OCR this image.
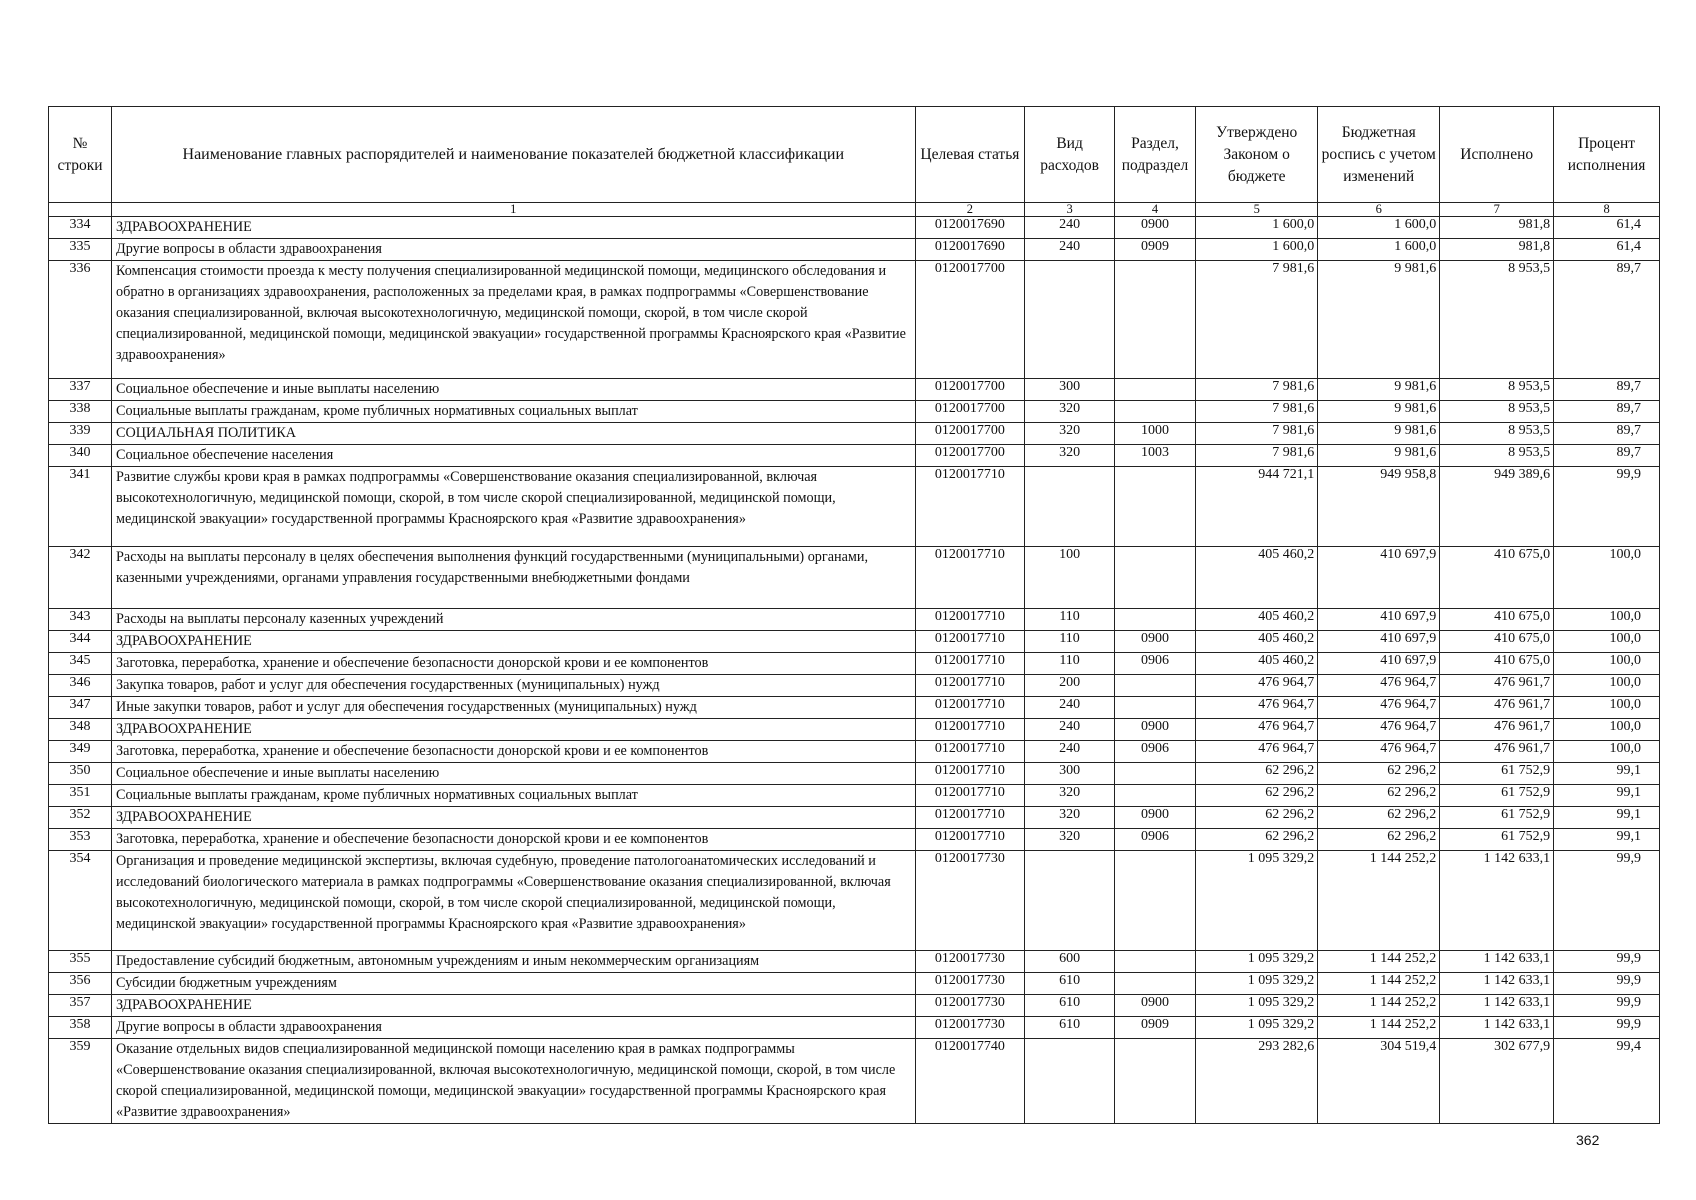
№ строки	Наименование главных распорядителей и наименование показателей бюджетной классификации	Целевая статья	Вид расходов	Раздел, подраздел	Утверждено Законом о бюджете	Бюджетная роспись с учетом изменений	Исполнено	Процент исполнения
	1	2	3	4	5	6	7	8
334	ЗДРАВООХРАНЕНИЕ	0120017690	240	0900	1 600,0	1 600,0	981,8	61,4
335	Другие вопросы в области здравоохранения	0120017690	240	0909	1 600,0	1 600,0	981,8	61,4
336	Компенсация стоимости проезда к месту получения специализированной медицинской помощи, медицинского обследования и обратно в организациях здравоохранения, расположенных за пределами края, в рамках подпрограммы «Совершенствование оказания специализированной, включая высокотехнологичную, медицинской помощи, скорой, в том числе скорой специализированной, медицинской помощи, медицинской эвакуации» государственной программы Красноярского края «Развитие здравоохранения»	0120017700			7 981,6	9 981,6	8 953,5	89,7
337	Социальное обеспечение и иные выплаты населению	0120017700	300		7 981,6	9 981,6	8 953,5	89,7
338	Социальные выплаты гражданам, кроме публичных нормативных социальных выплат	0120017700	320		7 981,6	9 981,6	8 953,5	89,7
339	СОЦИАЛЬНАЯ ПОЛИТИКА	0120017700	320	1000	7 981,6	9 981,6	8 953,5	89,7
340	Социальное обеспечение населения	0120017700	320	1003	7 981,6	9 981,6	8 953,5	89,7
341	Развитие службы крови края в рамках подпрограммы «Совершенствование оказания специализированной, включая высокотехнологичную, медицинской помощи, скорой, в том числе скорой специализированной, медицинской помощи, медицинской эвакуации» государственной программы Красноярского края «Развитие здравоохранения»	0120017710			944 721,1	949 958,8	949 389,6	99,9
342	Расходы на выплаты персоналу в целях обеспечения выполнения функций государственными (муниципальными) органами, казенными учреждениями, органами управления государственными внебюджетными фондами	0120017710	100		405 460,2	410 697,9	410 675,0	100,0
343	Расходы на выплаты персоналу казенных учреждений	0120017710	110		405 460,2	410 697,9	410 675,0	100,0
344	ЗДРАВООХРАНЕНИЕ	0120017710	110	0900	405 460,2	410 697,9	410 675,0	100,0
345	Заготовка, переработка, хранение и обеспечение безопасности донорской крови и ее компонентов	0120017710	110	0906	405 460,2	410 697,9	410 675,0	100,0
346	Закупка товаров, работ и услуг для обеспечения государственных (муниципальных) нужд	0120017710	200		476 964,7	476 964,7	476 961,7	100,0
347	Иные закупки товаров, работ и услуг для обеспечения государственных (муниципальных) нужд	0120017710	240		476 964,7	476 964,7	476 961,7	100,0
348	ЗДРАВООХРАНЕНИЕ	0120017710	240	0900	476 964,7	476 964,7	476 961,7	100,0
349	Заготовка, переработка, хранение и обеспечение безопасности донорской крови и ее компонентов	0120017710	240	0906	476 964,7	476 964,7	476 961,7	100,0
350	Социальное обеспечение и иные выплаты населению	0120017710	300		62 296,2	62 296,2	61 752,9	99,1
351	Социальные выплаты гражданам, кроме публичных нормативных социальных выплат	0120017710	320		62 296,2	62 296,2	61 752,9	99,1
352	ЗДРАВООХРАНЕНИЕ	0120017710	320	0900	62 296,2	62 296,2	61 752,9	99,1
353	Заготовка, переработка, хранение и обеспечение безопасности донорской крови и ее компонентов	0120017710	320	0906	62 296,2	62 296,2	61 752,9	99,1
354	Организация и проведение медицинской экспертизы, включая судебную, проведение патологоанатомических исследований и исследований биологического материала в рамках подпрограммы «Совершенствование оказания специализированной, включая высокотехнологичную, медицинской помощи, скорой, в том числе скорой специализированной, медицинской помощи, медицинской эвакуации» государственной программы Красноярского края «Развитие здравоохранения»	0120017730			1 095 329,2	1 144 252,2	1 142 633,1	99,9
355	Предоставление субсидий бюджетным, автономным учреждениям и иным некоммерческим организациям	0120017730	600		1 095 329,2	1 144 252,2	1 142 633,1	99,9
356	Субсидии бюджетным учреждениям	0120017730	610		1 095 329,2	1 144 252,2	1 142 633,1	99,9
357	ЗДРАВООХРАНЕНИЕ	0120017730	610	0900	1 095 329,2	1 144 252,2	1 142 633,1	99,9
358	Другие вопросы в области здравоохранения	0120017730	610	0909	1 095 329,2	1 144 252,2	1 142 633,1	99,9
359	Оказание отдельных видов специализированной медицинской помощи населению края в рамках подпрограммы «Совершенствование оказания специализированной, включая высокотехнологичную, медицинской помощи, скорой, в том числе скорой специализированной, медицинской помощи, медицинской эвакуации» государственной программы Красноярского края «Развитие здравоохранения»	0120017740			293 282,6	304 519,4	302 677,9	99,4
362
